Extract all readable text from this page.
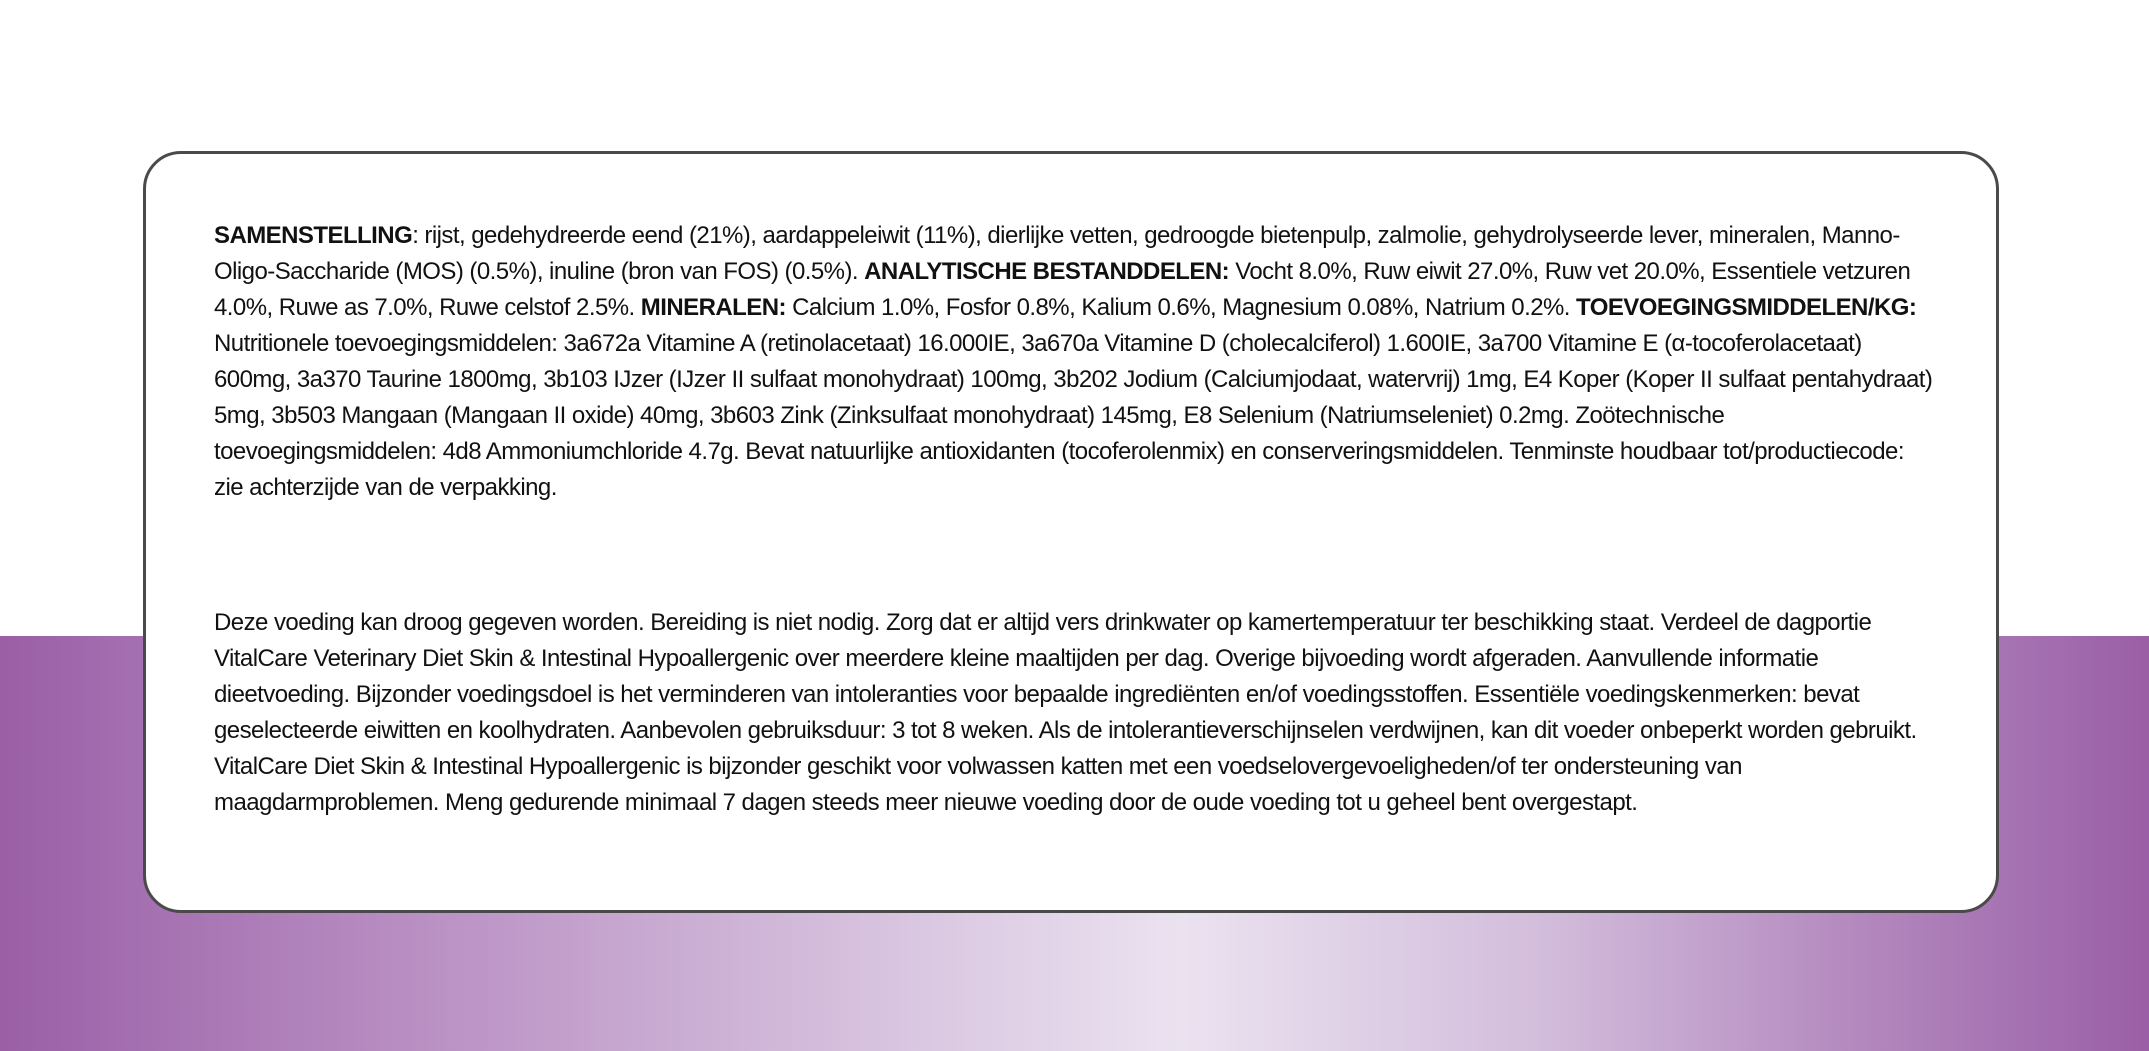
SAMENSTELLING: rijst, gedehydreerde eend (21%), aardappeleiwit (11%), dierlijke vetten, gedroogde bietenpulp, zalmolie, gehydrolyseerde lever, mineralen, Manno-Oligo-Saccharide (MOS) (0.5%), inuline (bron van FOS) (0.5%). ANALYTISCHE BESTANDDELEN: Vocht 8.0%, Ruw eiwit 27.0%, Ruw vet 20.0%, Essentiele vetzuren 4.0%, Ruwe as 7.0%, Ruwe celstof 2.5%. MINERALEN: Calcium 1.0%, Fosfor 0.8%, Kalium 0.6%, Magnesium 0.08%, Natrium 0.2%. TOEVOEGINGSMIDDELEN/KG: Nutritionele toevoegingsmiddelen: 3a672a Vitamine A (retinolacetaat) 16.000IE, 3a670a Vitamine D (cholecalciferol) 1.600IE, 3a700 Vitamine E (α-tocoferolacetaat) 600mg, 3a370 Taurine 1800mg, 3b103 IJzer (IJzer II sulfaat monohydraat) 100mg, 3b202 Jodium (Calciumjodaat, watervrij) 1mg, E4 Koper (Koper II sulfaat pentahydraat) 5mg, 3b503 Mangaan (Mangaan II oxide) 40mg, 3b603 Zink (Zinksulfaat monohydraat) 145mg, E8 Selenium (Natriumseleniet) 0.2mg. Zoötechnische toevoegingsmiddelen: 4d8 Ammoniumchloride 4.7g. Bevat natuurlijke antioxidanten (tocoferolenmix) en conserveringsmiddelen. Tenminste houdbaar tot/productiecode: zie achterzijde van de verpakking.
Deze voeding kan droog gegeven worden. Bereiding is niet nodig. Zorg dat er altijd vers drinkwater op kamertemperatuur ter beschikking staat. Verdeel de dagportie VitalCare Veterinary Diet Skin & Intestinal Hypoallergenic over meerdere kleine maaltijden per dag. Overige bijvoeding wordt afgeraden. Aanvullende informatie dieetvoeding. Bijzonder voedingsdoel is het verminderen van intoleranties voor bepaalde ingrediënten en/of voedingsstoffen. Essentiële voedingskenmerken: bevat geselecteerde eiwitten en koolhydraten. Aanbevolen gebruiksduur: 3 tot 8 weken. Als de intolerantieverschijnselen verdwijnen, kan dit voeder onbeperkt worden gebruikt. VitalCare Diet Skin & Intestinal Hypoallergenic is bijzonder geschikt voor volwassen katten met een voedselovergevoeligheden/of ter ondersteuning van maagdarmproblemen. Meng gedurende minimaal 7 dagen steeds meer nieuwe voeding door de oude voeding tot u geheel bent overgestapt.
